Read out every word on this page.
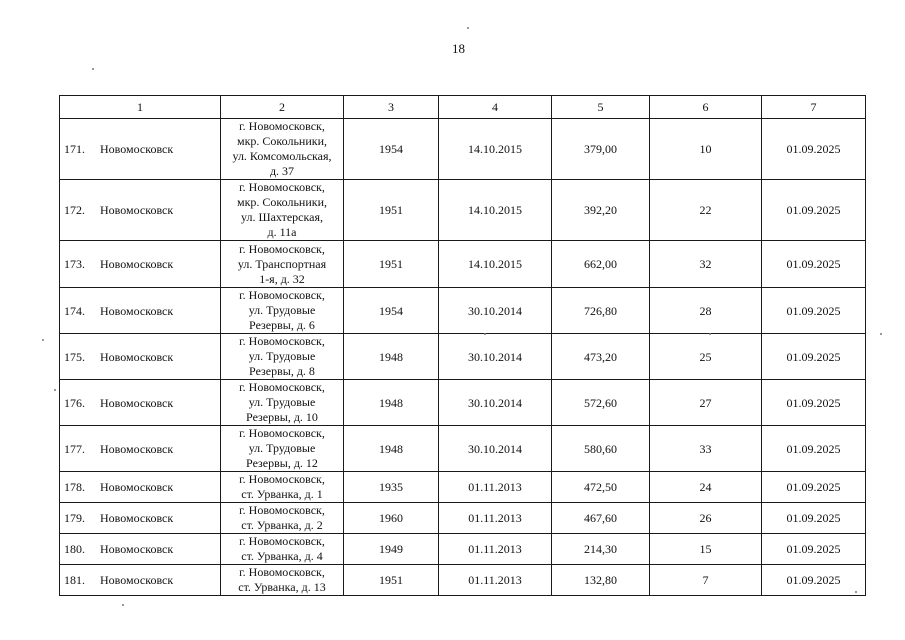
18
1	2	3	4	5	6	7
171. Новомосковск	г. Новомосковск,
мкр. Сокольники,
ул. Комсомольская,
д. 37	1954	14.10.2015	379,00	10	01.09.2025
172. Новомосковск	г. Новомосковск,
мкр. Сокольники,
ул. Шахтерская,
д. 11а	1951	14.10.2015	392,20	22	01.09.2025
173. Новомосковск	г. Новомосковск,
ул. Транспортная
1-я, д. 32	1951	14.10.2015	662,00	32	01.09.2025
174. Новомосковск	г. Новомосковск,
ул. Трудовые
Резервы, д. 6	1954	30.10.2014	726,80	28	01.09.2025
175. Новомосковск	г. Новомосковск,
ул. Трудовые
Резервы, д. 8	1948	30.10.2014	473,20	25	01.09.2025
176. Новомосковск	г. Новомосковск,
ул. Трудовые
Резервы, д. 10	1948	30.10.2014	572,60	27	01.09.2025
177. Новомосковск	г. Новомосковск,
ул. Трудовые
Резервы, д. 12	1948	30.10.2014	580,60	33	01.09.2025
178. Новомосковск	г. Новомосковск,
ст. Урванка, д. 1	1935	01.11.2013	472,50	24	01.09.2025
179. Новомосковск	г. Новомосковск,
ст. Урванка, д. 2	1960	01.11.2013	467,60	26	01.09.2025
180. Новомосковск	г. Новомосковск,
ст. Урванка, д. 4	1949	01.11.2013	214,30	15	01.09.2025
181. Новомосковск	г. Новомосковск,
ст. Урванка, д. 13	1951	01.11.2013	132,80	7	01.09.2025
